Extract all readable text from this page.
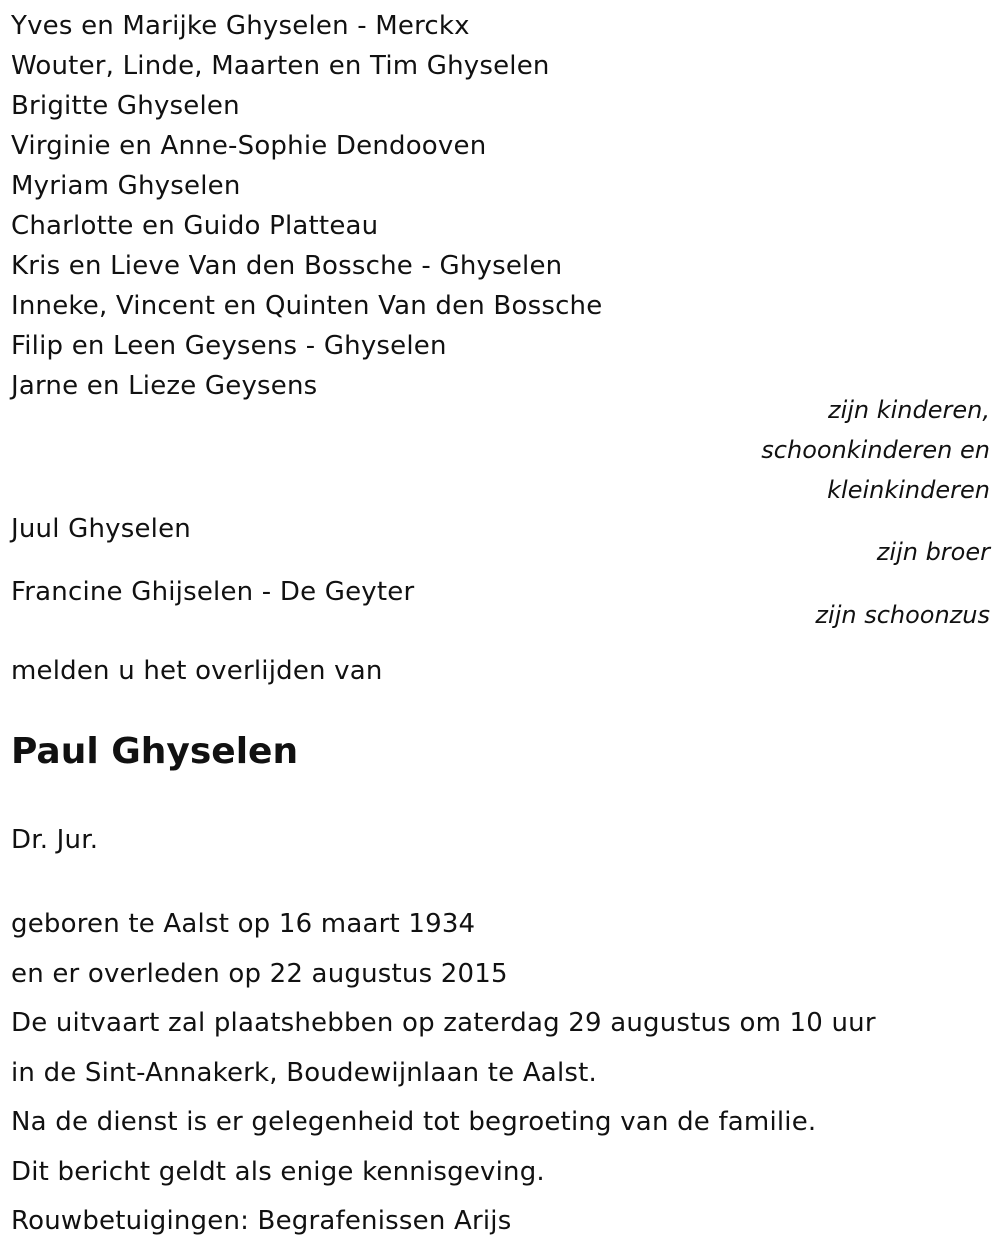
Yves en Marijke Ghyselen - Merckx
Wouter, Linde, Maarten en Tim Ghyselen
Brigitte Ghyselen
Virginie en Anne-Sophie Dendooven
Myriam Ghyselen
Charlotte en Guido Platteau
Kris en Lieve Van den Bossche - Ghyselen
Inneke, Vincent en Quinten Van den Bossche
Filip en Leen Geysens - Ghyselen
Jarne en Lieze Geysens
zijn kinderen,
schoonkinderen en
kleinkinderen
Juul Ghyselen
zijn broer
Francine Ghijselen - De Geyter
zijn schoonzus
melden u het overlijden van
Paul Ghyselen
Dr. Jur.
geboren te Aalst op 16 maart 1934
en er overleden op 22 augustus 2015
De uitvaart zal plaatshebben op zaterdag 29 augustus om 10 uur
in de Sint-Annakerk, Boudewijnlaan te Aalst.
Na de dienst is er gelegenheid tot begroeting van de familie.
Dit bericht geldt als enige kennisgeving.
Rouwbetuigingen: Begrafenissen Arijs
